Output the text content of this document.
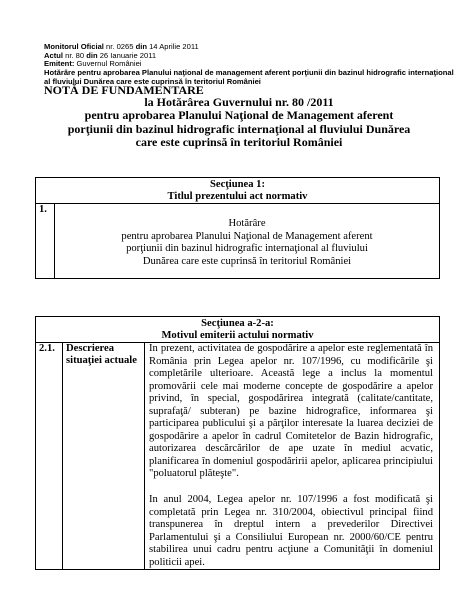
Monitorul Oficial nr. 0265 din 14 Aprilie 2011
Actul nr. 80 din 26 Ianuarie 2011
Emitent: Guvernul României
Hotărâre pentru aprobarea Planului naţional de management aferent porţiunii din bazinul hidrografic internaţional al fluviului Dunărea care este cuprinsă în teritoriul României
NOTĂ DE FUNDAMENTARE
la Hotărârea Guvernului nr. 80 /2011
pentru aprobarea Planului Naţional de Management aferent
porţiunii din bazinul hidrografic internaţional al fluviului Dunărea
care este cuprinsă în teritoriul României
Secţiunea 1:
Titlul prezentului act normativ

1.	
Hotărâre
pentru aprobarea Planului Naţional de Management aferent
porţiunii din bazinul hidrografic internaţional al fluviului
Dunărea care este cuprinsă în teritoriul României
Secţiunea a-2-a:
Motivul emiterii actului normativ

2.1.	Descrierea
situaţiei actuale

In prezent, activitatea de gospodărire a apelor este reglementată în România prin Legea apelor nr. 107/1996, cu modificările şi completările ulterioare. Această lege a inclus la momentul promovării cele mai moderne concepte de gospodărire a apelor privind, în special, gospodărirea integrată (calitate/cantitate, suprafaţă/ subteran) pe bazine hidrografice, informarea şi participarea publicului şi a părţilor interesate la luarea deciziei de gospodărire a apelor în cadrul Comitetelor de Bazin hidrografic, autorizarea descărcărilor de ape uzate în mediul acvatic, planificarea în domeniul gospodăririi apelor, aplicarea principiului "poluatorul plăteşte".

In anul 2004, Legea apelor nr. 107/1996 a fost modificată şi completată prin Legea nr. 310/2004, obiectivul principal fiind transpunerea în dreptul intern a prevederilor Directivei Parlamentului şi a Consiliului European nr. 2000/60/CE pentru stabilirea unui cadru pentru acţiune a Comunităţii în domeniul politicii apei.
